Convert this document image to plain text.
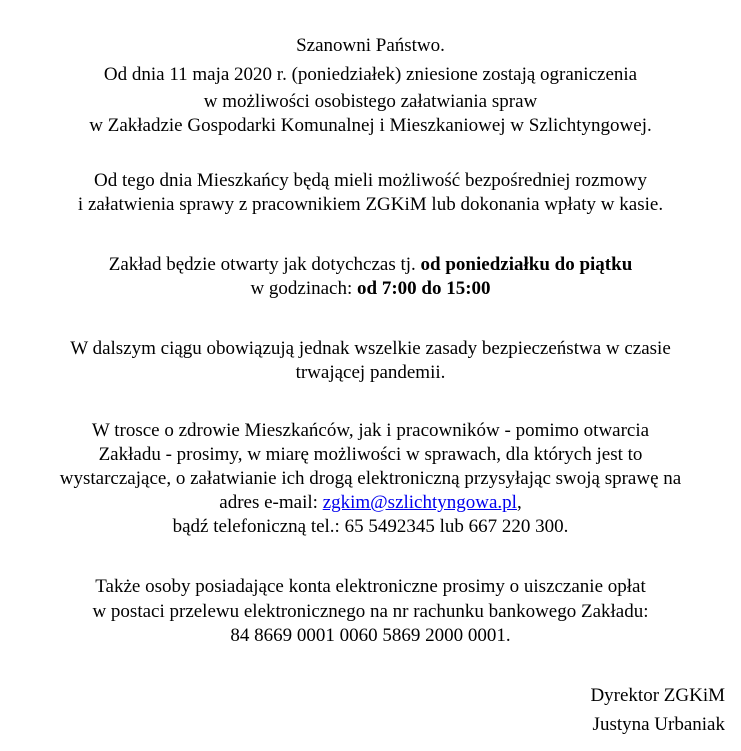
Szanowni Państwo.
Od dnia 11 maja 2020 r. (poniedziałek) zniesione zostają ograniczenia
w możliwości osobistego załatwiania spraw
w Zakładzie Gospodarki Komunalnej i Mieszkaniowej w Szlichtyngowej.
Od tego dnia Mieszkańcy będą mieli możliwość bezpośredniej rozmowy
i załatwienia sprawy z pracownikiem ZGKiM lub dokonania wpłaty w kasie.
Zakład będzie otwarty jak dotychczas tj. od poniedziałku do piątku
w godzinach: od 7:00 do 15:00
W dalszym ciągu obowiązują jednak wszelkie zasady bezpieczeństwa w czasie
trwającej pandemii.
W trosce o zdrowie Mieszkańców, jak i pracowników - pomimo otwarcia
Zakładu - prosimy, w miarę możliwości w sprawach, dla których jest to
wystarczające, o załatwianie ich drogą elektroniczną przysyłając swoją sprawę na
adres e-mail: zgkim@szlichtyngowa.pl,
bądź telefoniczną tel.: 65 5492345 lub 667 220 300.
Także osoby posiadające konta elektroniczne prosimy o uiszczanie opłat
w postaci przelewu elektronicznego na nr rachunku bankowego Zakładu:
84 8669 0001 0060 5869 2000 0001.
Dyrektor ZGKiM
Justyna Urbaniak
